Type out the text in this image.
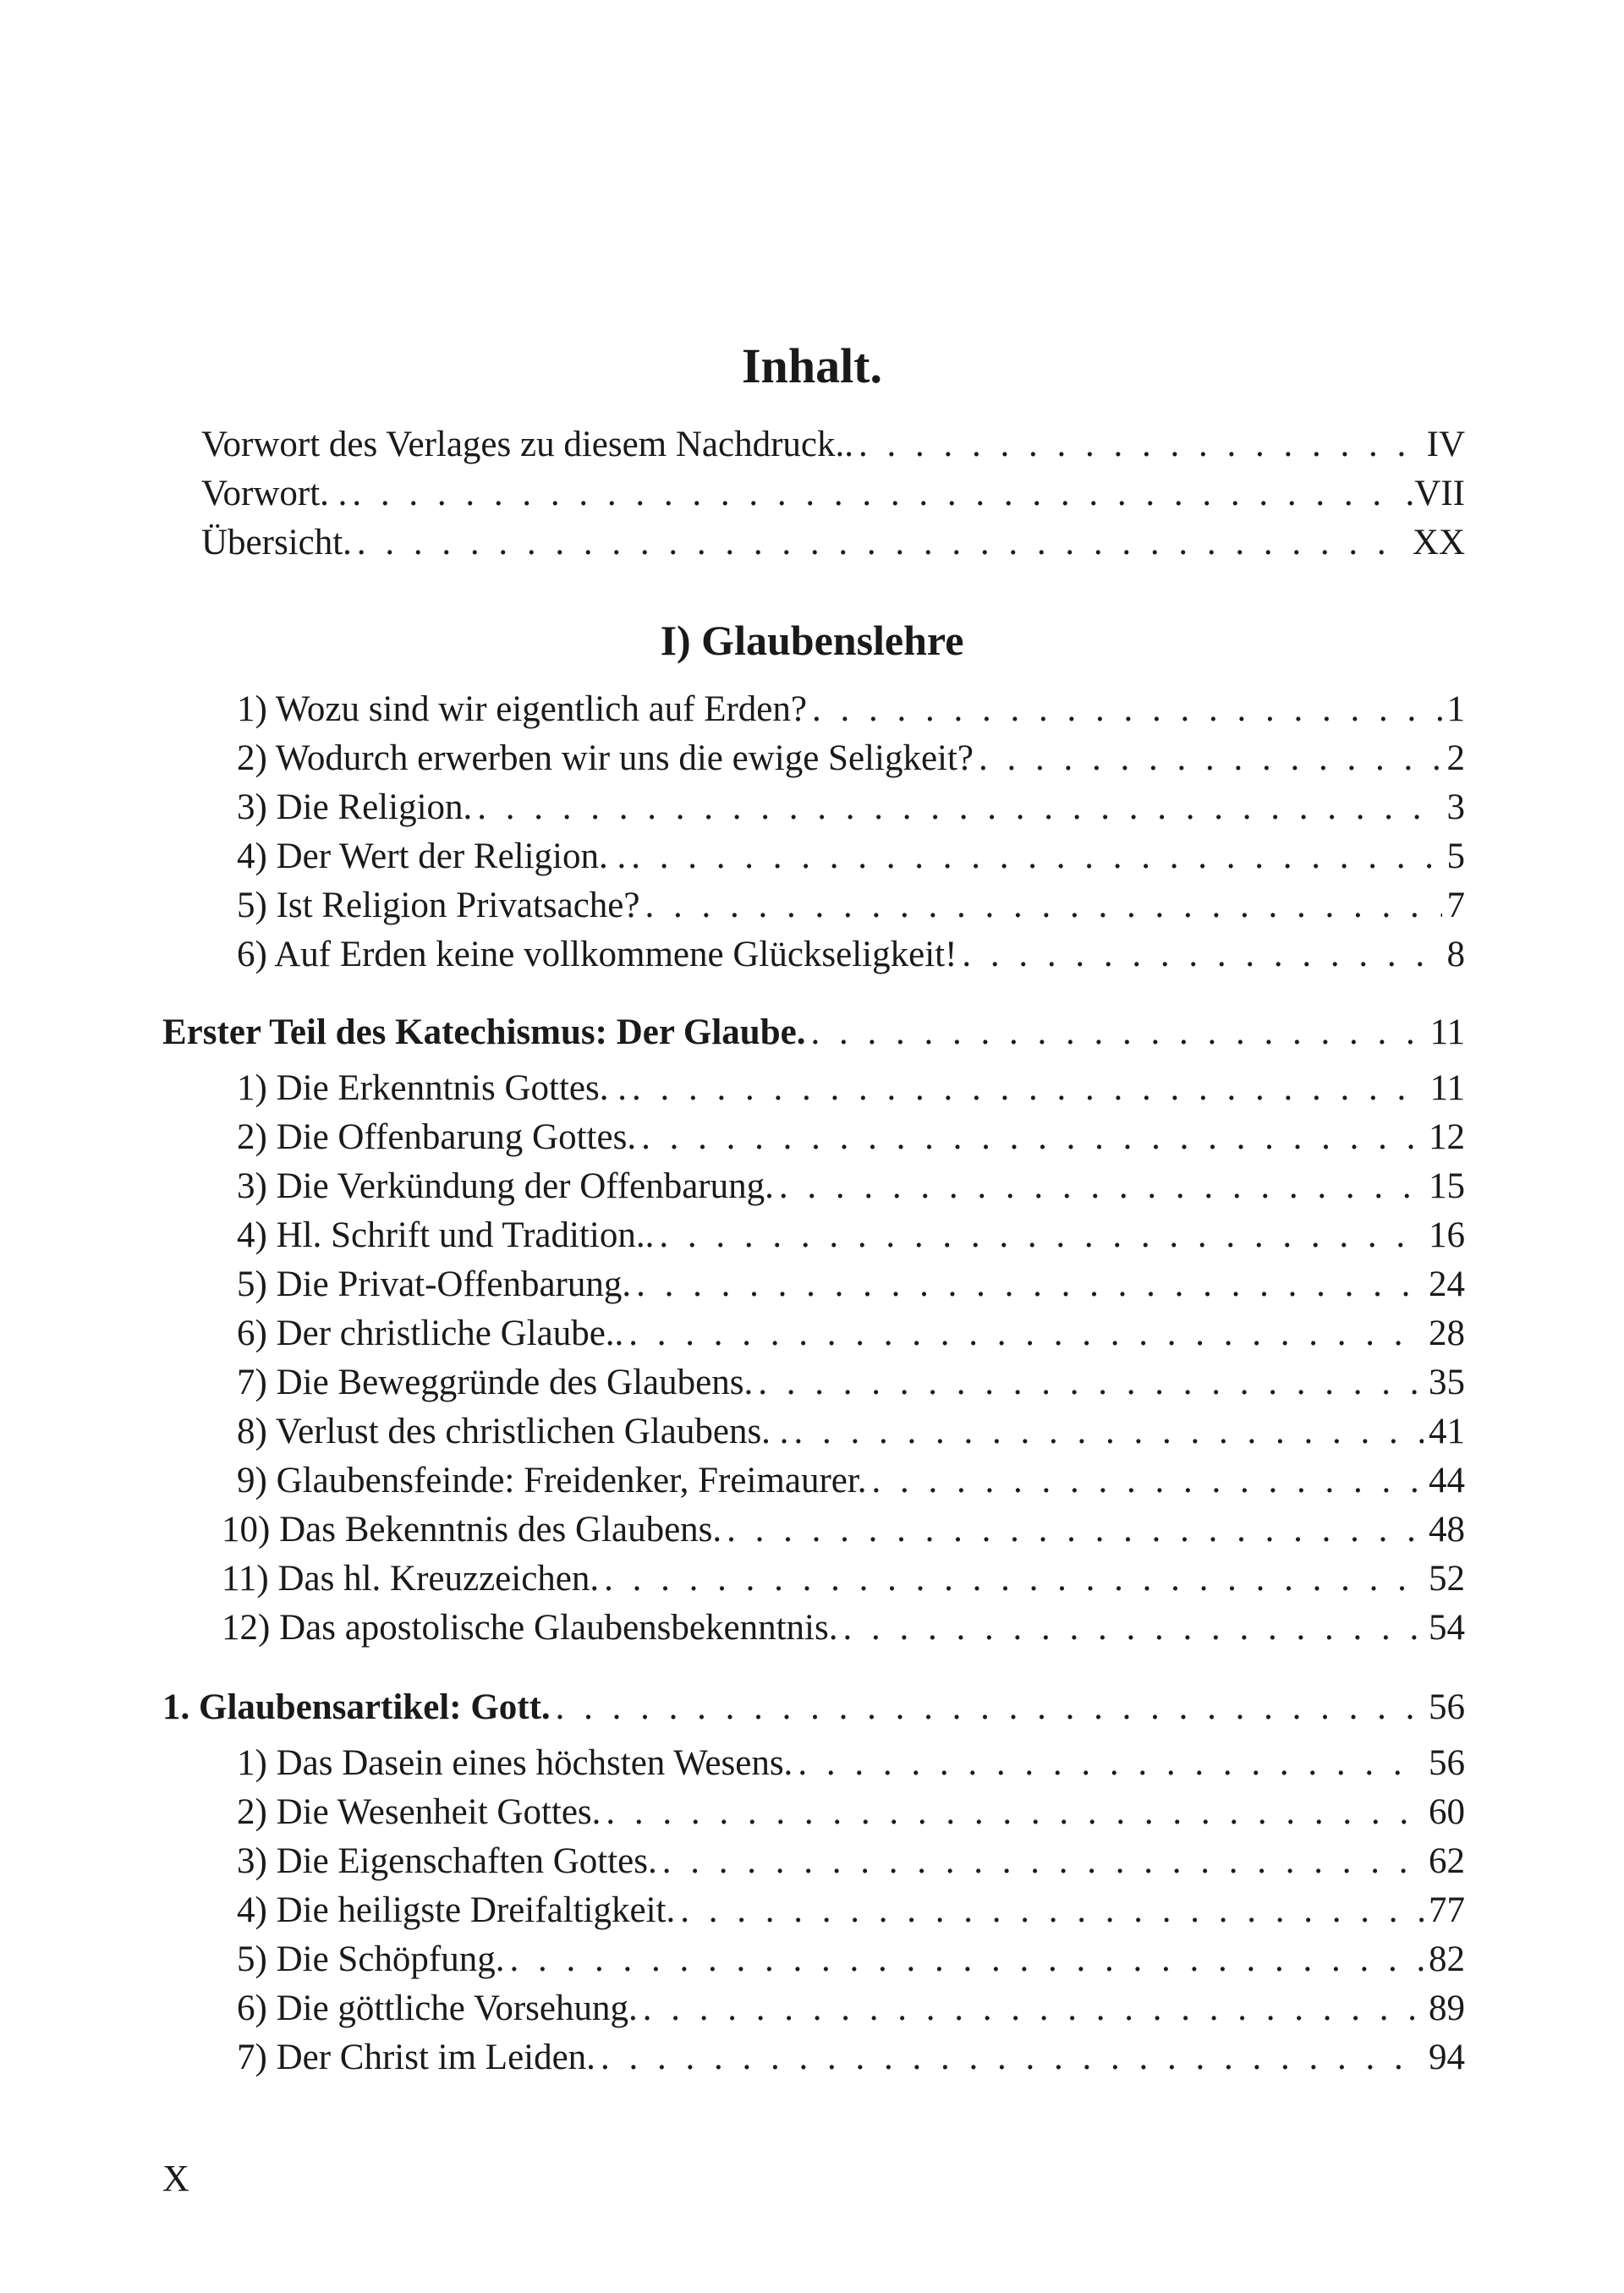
Inhalt.
Vorwort des Verlages zu diesem Nachdruck.. . . .	IV
Vorwort. . . . .	.VII
Übersicht. . . .	XX
I) Glaubenslehre
1) Wozu sind wir eigentlich auf Erden? . . .	1
2) Wodurch erwerben wir uns die ewige Seligkeit? . . .	2
3) Die Religion. . . .	3
4) Der Wert der Religion. . . . .	5
5) Ist Religion Privatsache? . . .	7
6) Auf Erden keine vollkommene Glückseligkeit! . . .	8
Erster Teil des Katechismus: Der Glaube. . . .	11
1) Die Erkenntnis Gottes. . . . .	11
2) Die Offenbarung Gottes. . . .	12
3) Die Verkündung der Offenbarung. . . .	15
4) Hl. Schrift und Tradition.. . . .	16
5) Die Privat-Offenbarung. . . .	24
6) Der christliche Glaube.. . . .	28
7) Die Beweggründe des Glaubens. . . .	35
8) Verlust des christlichen Glaubens. . . . .	41
9) Glaubensfeinde: Freidenker, Freimaurer. . . .	44
10) Das Bekenntnis des Glaubens. . . .	48
11) Das hl. Kreuzzeichen. . . .	52
12) Das apostolische Glaubensbekenntnis. . . .	54
1. Glaubensartikel: Gott. . . .	56
1) Das Dasein eines höchsten Wesens. . . .	56
2) Die Wesenheit Gottes. . . .	60
3) Die Eigenschaften Gottes. . . .	62
4) Die heiligste Dreifaltigkeit. . . .	77
5) Die Schöpfung. . . .	82
6) Die göttliche Vorsehung. . . .	89
7) Der Christ im Leiden. . . .	94
X
